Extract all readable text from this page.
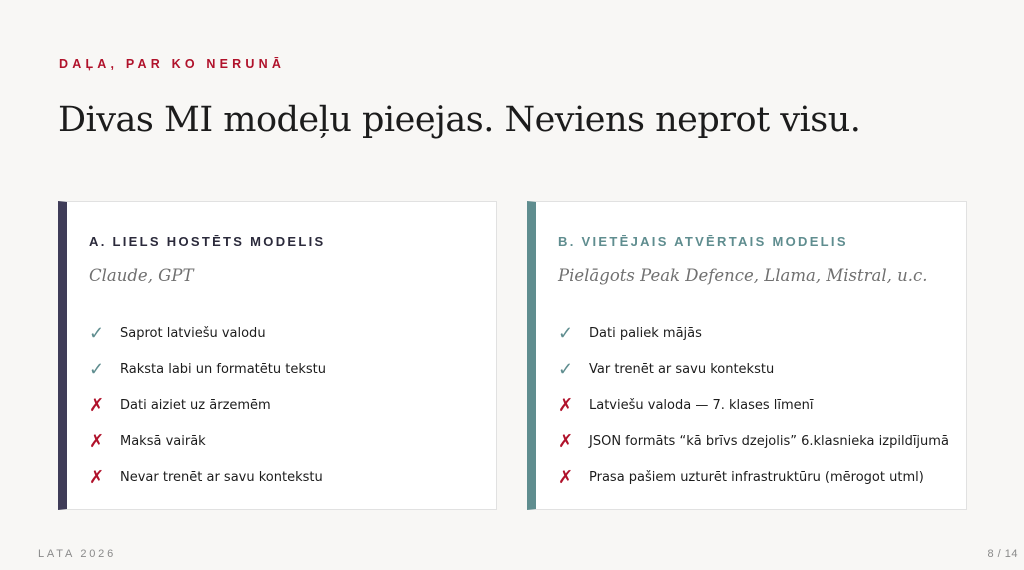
DAĻA, PAR KO NERUNĀ
Divas MI modeļu pieejas. Neviens neprot visu.
A. LIELS HOSTĒTS MODELIS
Claude, GPT
✓	Saprot latviešu valodu
✓	Raksta labi un formatētu tekstu
✗	Dati aiziet uz ārzemēm
✗	Maksā vairāk
✗	Nevar trenēt ar savu kontekstu
B. VIETĒJAIS ATVĒRTAIS MODELIS
Pielāgots Peak Defence, Llama, Mistral, u.c.
✓	Dati paliek mājās
✓	Var trenēt ar savu kontekstu
✗	Latviešu valoda — 7. klases līmenī
✗	JSON formāts “kā brīvs dzejolis” 6.klasnieka izpildījumā
✗	Prasa pašiem uzturēt infrastruktūru (mērogot utml)
LATA 2026	8 / 14
